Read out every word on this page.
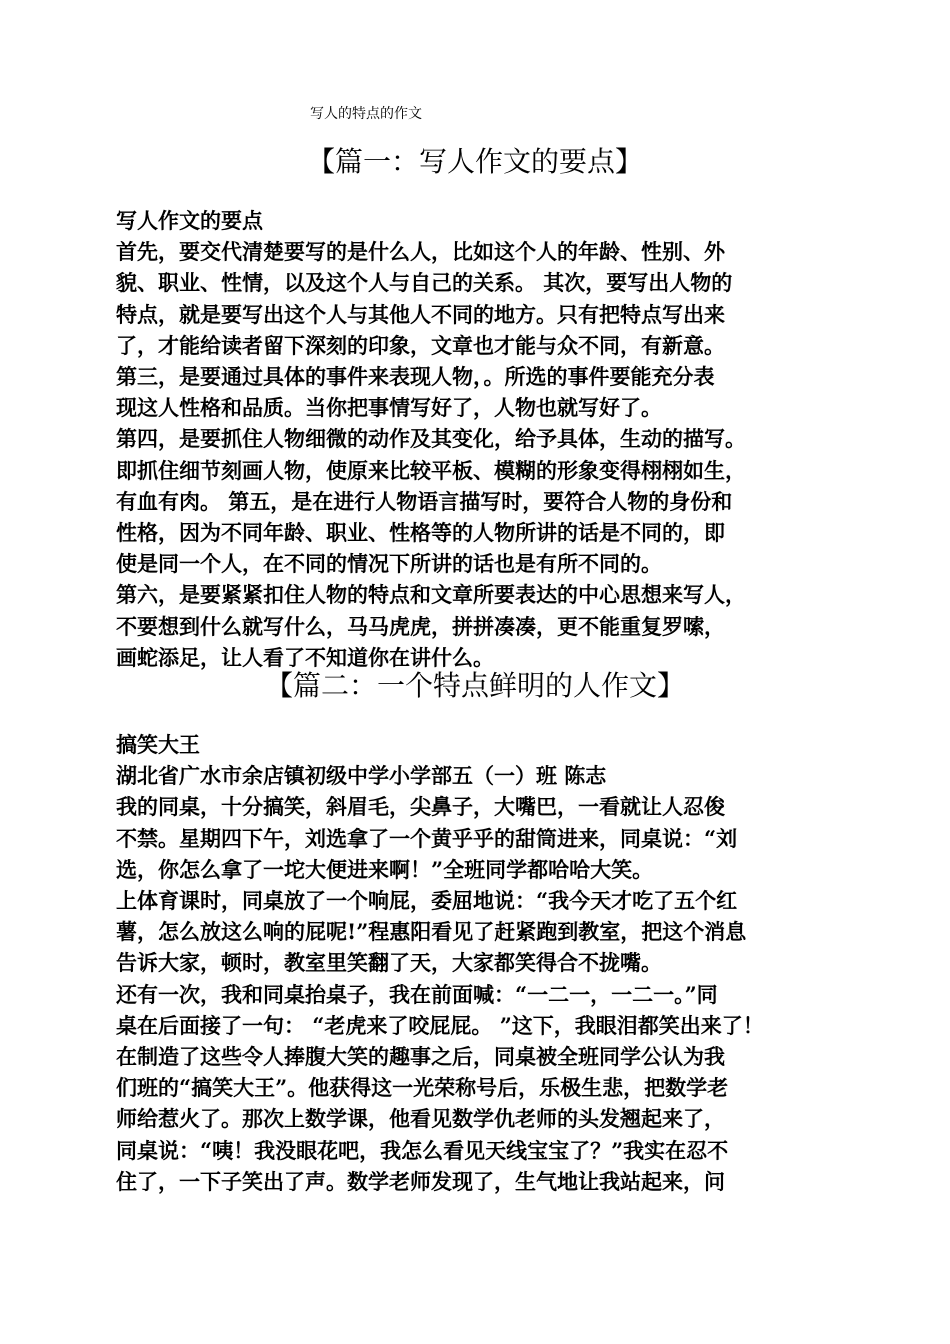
写人的特点的作文
【篇一：写人作文的要点】
写人作文的要点
首先，要交代清楚要写的是什么人，比如这个人的年龄、性别、外
貌、职业、性情，以及这个人与自己的关系。 其次，要写出人物的
特点，就是要写出这个人与其他人不同的地方。只有把特点写出来
了，才能给读者留下深刻的印象，文章也才能与众不同，有新意。
第三，是要通过具体的事件来表现人物，。所选的事件要能充分表
现这人性格和品质。当你把事情写好了，人物也就写好了。
第四，是要抓住人物细微的动作及其变化，给予具体，生动的描写。
即抓住细节刻画人物，使原来比较平板、模糊的形象变得栩栩如生，
有血有肉。 第五，是在进行人物语言描写时，要符合人物的身份和
性格，因为不同年龄、职业、性格等的人物所讲的话是不同的，即
使是同一个人，在不同的情况下所讲的话也是有所不同的。
第六，是要紧紧扣住人物的特点和文章所要表达的中心思想来写人，
不要想到什么就写什么，马马虎虎，拼拼凑凑，更不能重复罗嗦，
画蛇添足，让人看了不知道你在讲什么。
【篇二：一个特点鲜明的人作文】
搞笑大王
湖北省广水市余店镇初级中学小学部五（一）班 陈志
我的同桌，十分搞笑，斜眉毛，尖鼻子，大嘴巴，一看就让人忍俊
不禁。星期四下午，刘选拿了一个黄乎乎的甜筒进来，同桌说：“刘
选，你怎么拿了一坨大便进来啊！”全班同学都哈哈大笑。
上体育课时，同桌放了一个响屁，委屈地说：“我今天才吃了五个红
薯，怎么放这么响的屁呢!”程惠阳看见了赶紧跑到教室，把这个消息
告诉大家，顿时，教室里笑翻了天，大家都笑得合不拢嘴。
还有一次，我和同桌抬桌子，我在前面喊：“一二一，一二一。”同
桌在后面接了一句： “老虎来了咬屁屁。 ”这下，我眼泪都笑出来了！
在制造了这些令人捧腹大笑的趣事之后，同桌被全班同学公认为我
们班的“搞笑大王”。他获得这一光荣称号后，乐极生悲，把数学老
师给惹火了。那次上数学课，他看见数学仇老师的头发翘起来了，
同桌说：“咦！我没眼花吧，我怎么看见天线宝宝了？”我实在忍不
住了，一下子笑出了声。数学老师发现了，生气地让我站起来，问
